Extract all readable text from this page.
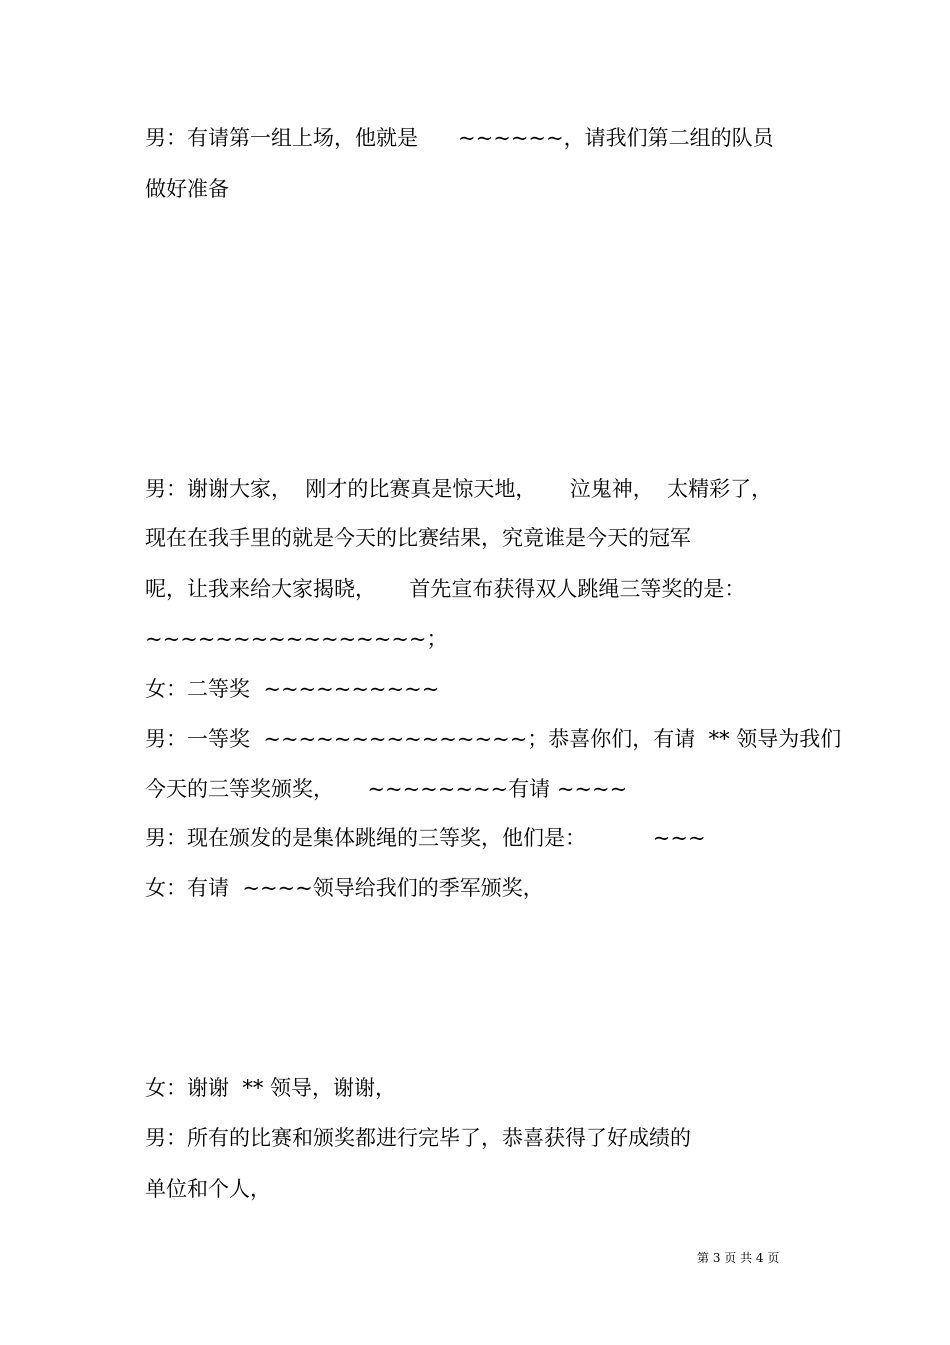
男：有请第一组上场，他就是      ~~~~~~，请我们第二组的队员

做好准备

男：谢谢大家，  刚才的比赛真是惊天地，     泣鬼神，  太精彩了，

现在在我手里的就是今天的比赛结果，究竟谁是今天的冠军

呢，让我来给大家揭晓，     首先宣布获得双人跳绳三等奖的是：

~~~~~~~~~~~~~~~~；

女：二等奖  ~~~~~~~~~~

男：一等奖  ~~~~~~~~~~~~~~~；恭喜你们，有请  ** 领导为我们

今天的三等奖颁奖，     ~~~~~~~~有请 ~~~~

男：现在颁发的是集体跳绳的三等奖，他们是：          ~~~

女：有请  ~~~~领导给我们的季军颁奖，

女：谢谢  ** 领导，谢谢，

男：所有的比赛和颁奖都进行完毕了，恭喜获得了好成绩的

单位和个人，

第 3 页 共 4 页
